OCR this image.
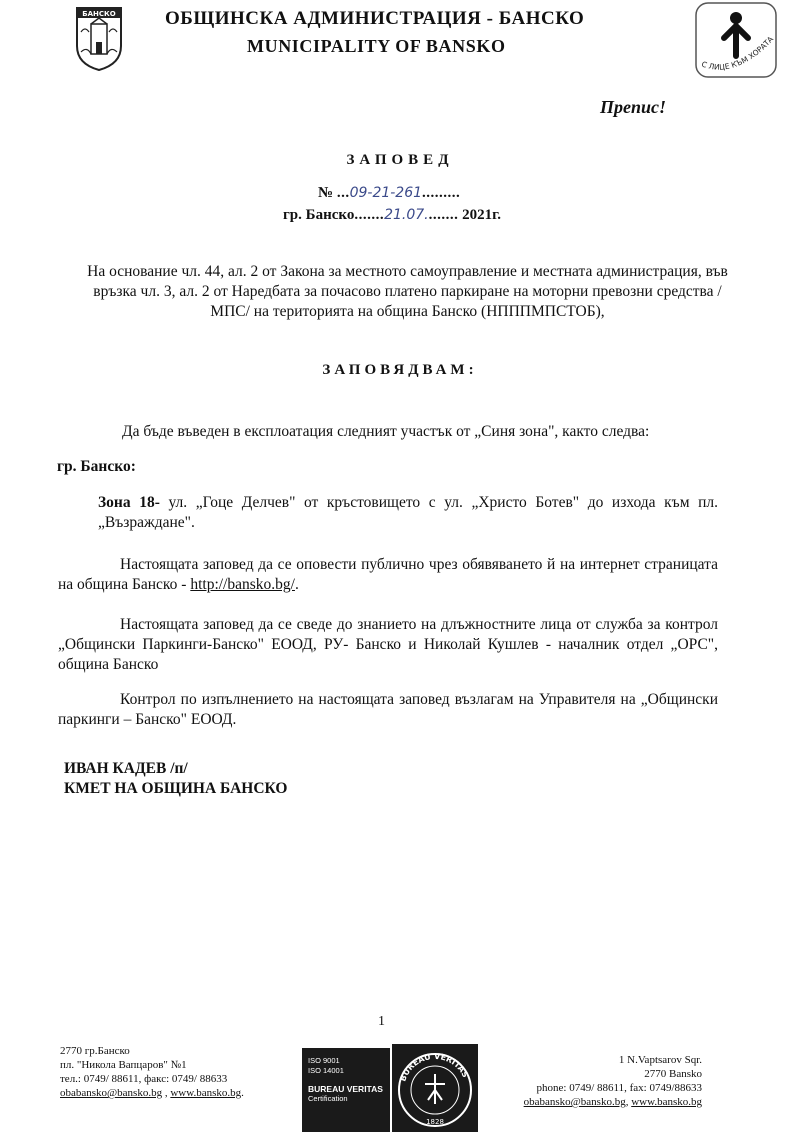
БАНСКО	ОБЩИНСКА АДМИНИСТРАЦИЯ - БАНСКО
MUNICIPALITY OF BANSKO
С ЛИЦЕ КЪМ ХОРАТА
Препис!
ЗАПОВЕД
№ ...09-21-261.........
гр. Банско.......21.07........ 2021г.
На основание чл. 44, ал. 2 от Закона за местното самоуправление и местната администрация, във връзка чл. 3, ал. 2 от Наредбата за почасово платено паркиране на моторни превозни средства /МПС/ на територията на община Банско (НПППМПСТОБ),
ЗАПОВЯДВАМ:
Да бъде въведен в експлоатация следният участък от „Синя зона", както следва:
гр. Банско:
Зона 18- ул. „Гоце Делчев" от кръстовището с ул. „Христо Ботев" до изхода към пл. „Възраждане".
Настоящата заповед да се оповести публично чрез обявяването й на интернет страницата на община Банско - http://bansko.bg/.
Настоящата заповед да се сведе до знанието на длъжностните лица от служба за контрол „Общински Паркинги-Банско" ЕООД, РУ- Банско и Николай Кушлев - началник отдел „ОРС", община Банско
Контрол по изпълнението на настоящата заповед възлагам на Управителя на „Общински паркинги – Банско" ЕООД.
ИВАН КАДЕВ /п/
КМЕТ НА ОБЩИНА БАНСКО
1
2770 гр.Банско
пл. "Никола Вапцаров" №1
тел.: 0749/ 88611, факс: 0749/ 88633
obabansko@bansko.bg , www.bansko.bg.
ISO 9001
ISO 14001
BUREAU VERITAS
Certification
BUREAU VERITAS
1828
1 N.Vaptsarov Sqr.
2770 Bansko
phone: 0749/ 88611, fax: 0749/88633
obabansko@bansko.bg, www.bansko.bg
